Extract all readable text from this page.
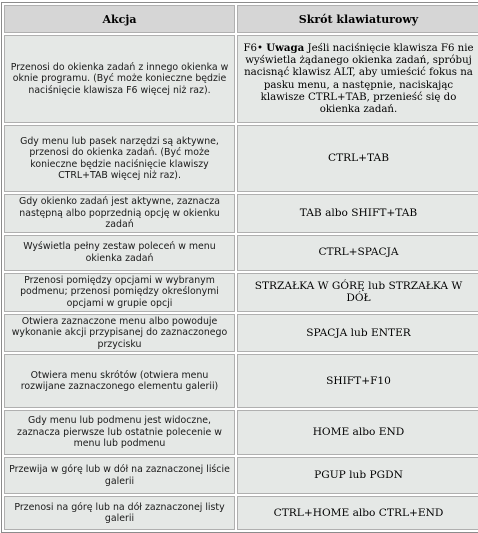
Akcja	Skrót klawiaturowy
Przenosi do okienka zadań z innego okienka w oknie programu. (Być może konieczne będzie naciśnięcie klawisza F6 więcej niż raz).	F6• Uwaga Jeśli naciśnięcie klawisza F6 nie wyświetla żądanego okienka zadań, spróbuj nacisnąć klawisz ALT, aby umieścić fokus na pasku menu, a następnie, naciskając klawisze CTRL+TAB, przenieść się do okienka zadań.
Gdy menu lub pasek narzędzi są aktywne, przenosi do okienka zadań. (Być może konieczne będzie naciśnięcie klawiszy CTRL+TAB więcej niż raz).	CTRL+TAB
Gdy okienko zadań jest aktywne, zaznacza następną albo poprzednią opcję w okienku zadań	TAB albo SHIFT+TAB
Wyświetla pełny zestaw poleceń w menu okienka zadań	CTRL+SPACJA
Przenosi pomiędzy opcjami w wybranym podmenu; przenosi pomiędzy określonymi opcjami w grupie opcji	STRZAŁKA W GÓRĘ lub STRZAŁKA W DÓŁ
Otwiera zaznaczone menu albo powoduje wykonanie akcji przypisanej do zaznaczonego przycisku	SPACJA lub ENTER
Otwiera menu skrótów (otwiera menu rozwijane zaznaczonego elementu galerii)	SHIFT+F10
Gdy menu lub podmenu jest widoczne, zaznacza pierwsze lub ostatnie polecenie w menu lub podmenu	HOME albo END
Przewija w górę lub w dół na zaznaczonej liście galerii	PGUP lub PGDN
Przenosi na górę lub na dół zaznaczonej listy galerii	CTRL+HOME albo CTRL+END
